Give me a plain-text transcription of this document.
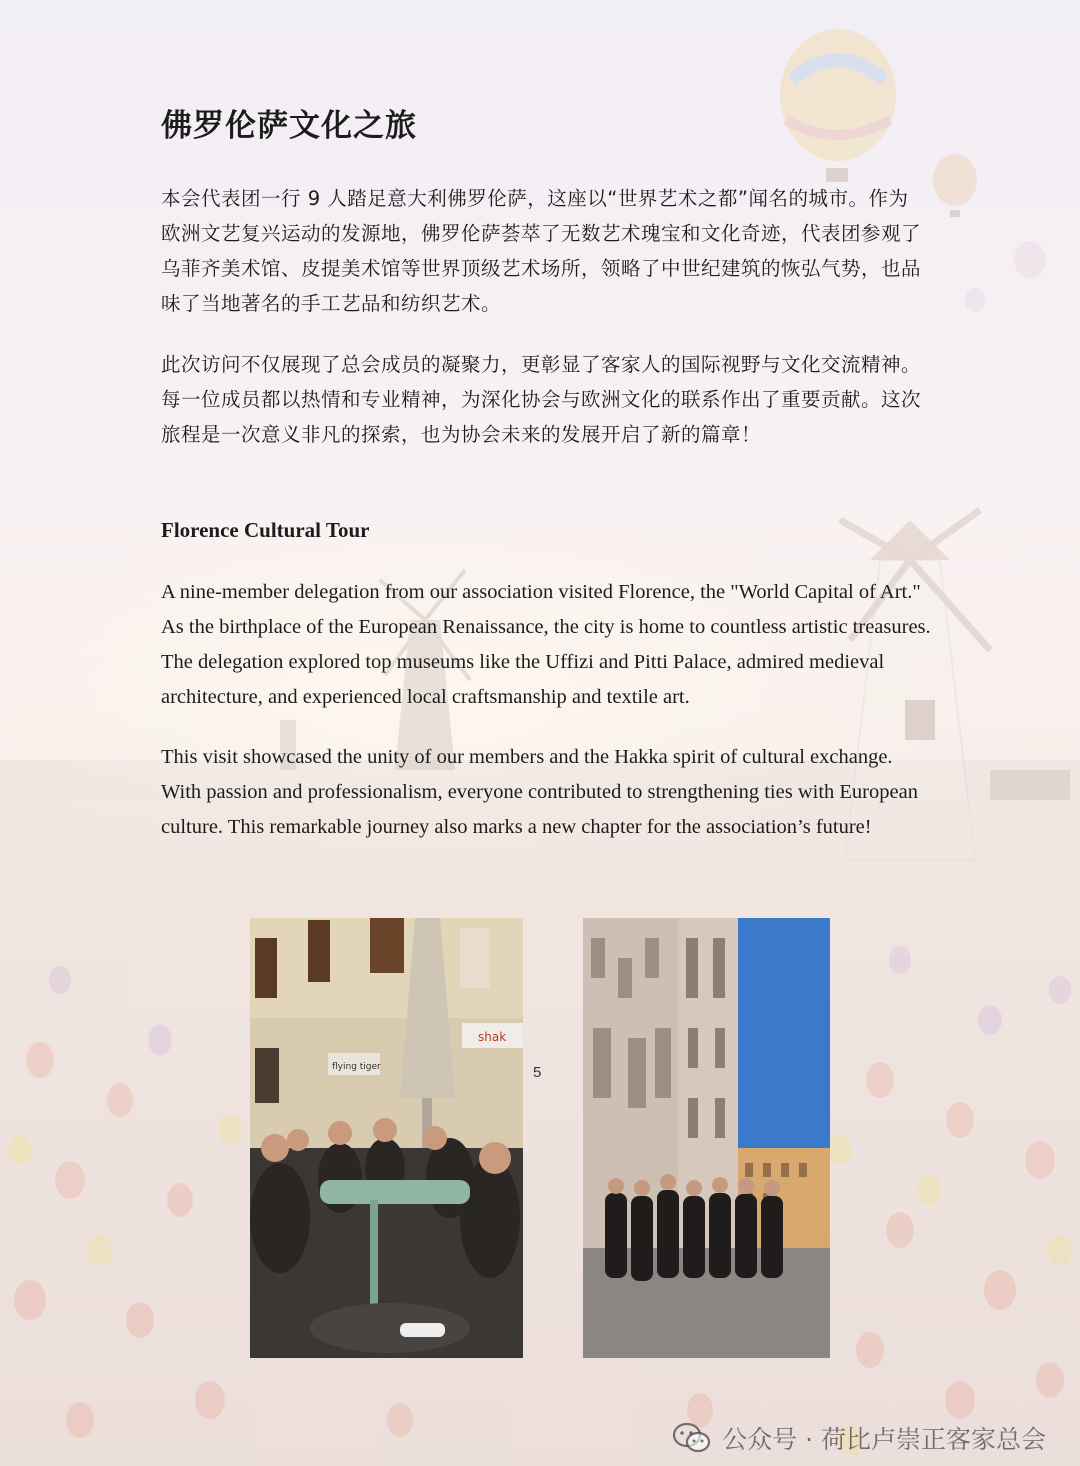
佛罗伦萨文化之旅

本会代表团一行 9 人踏足意大利佛罗伦萨，这座以“世界艺术之都”闻名的城市。作为欧洲文艺复兴运动的发源地，佛罗伦萨荟萃了无数艺术瑰宝和文化奇迹，代表团参观了乌菲齐美术馆、皮提美术馆等世界顶级艺术场所，领略了中世纪建筑的恢弘气势，也品味了当地著名的手工艺品和纺织艺术。

此次访问不仅展现了总会成员的凝聚力，更彰显了客家人的国际视野与文化交流精神。每一位成员都以热情和专业精神，为深化协会与欧洲文化的联系作出了重要贡献。这次旅程是一次意义非凡的探索，也为协会未来的发展开启了新的篇章！

Florence Cultural Tour

A nine-member delegation from our association visited Florence, the "World Capital of Art." As the birthplace of the European Renaissance, the city is home to countless artistic treasures. The delegation explored top museums like the Uffizi and Pitti Palace, admired medieval architecture, and experienced local craftsmanship and textile art.

This visit showcased the unity of our members and the Hakka spirit of cultural exchange. With passion and professionalism, everyone contributed to strengthening ties with European culture. This remarkable journey also marks a new chapter for the association’s future!

flying tiger
shak

5

公众号 · 荷比卢崇正客家总会
